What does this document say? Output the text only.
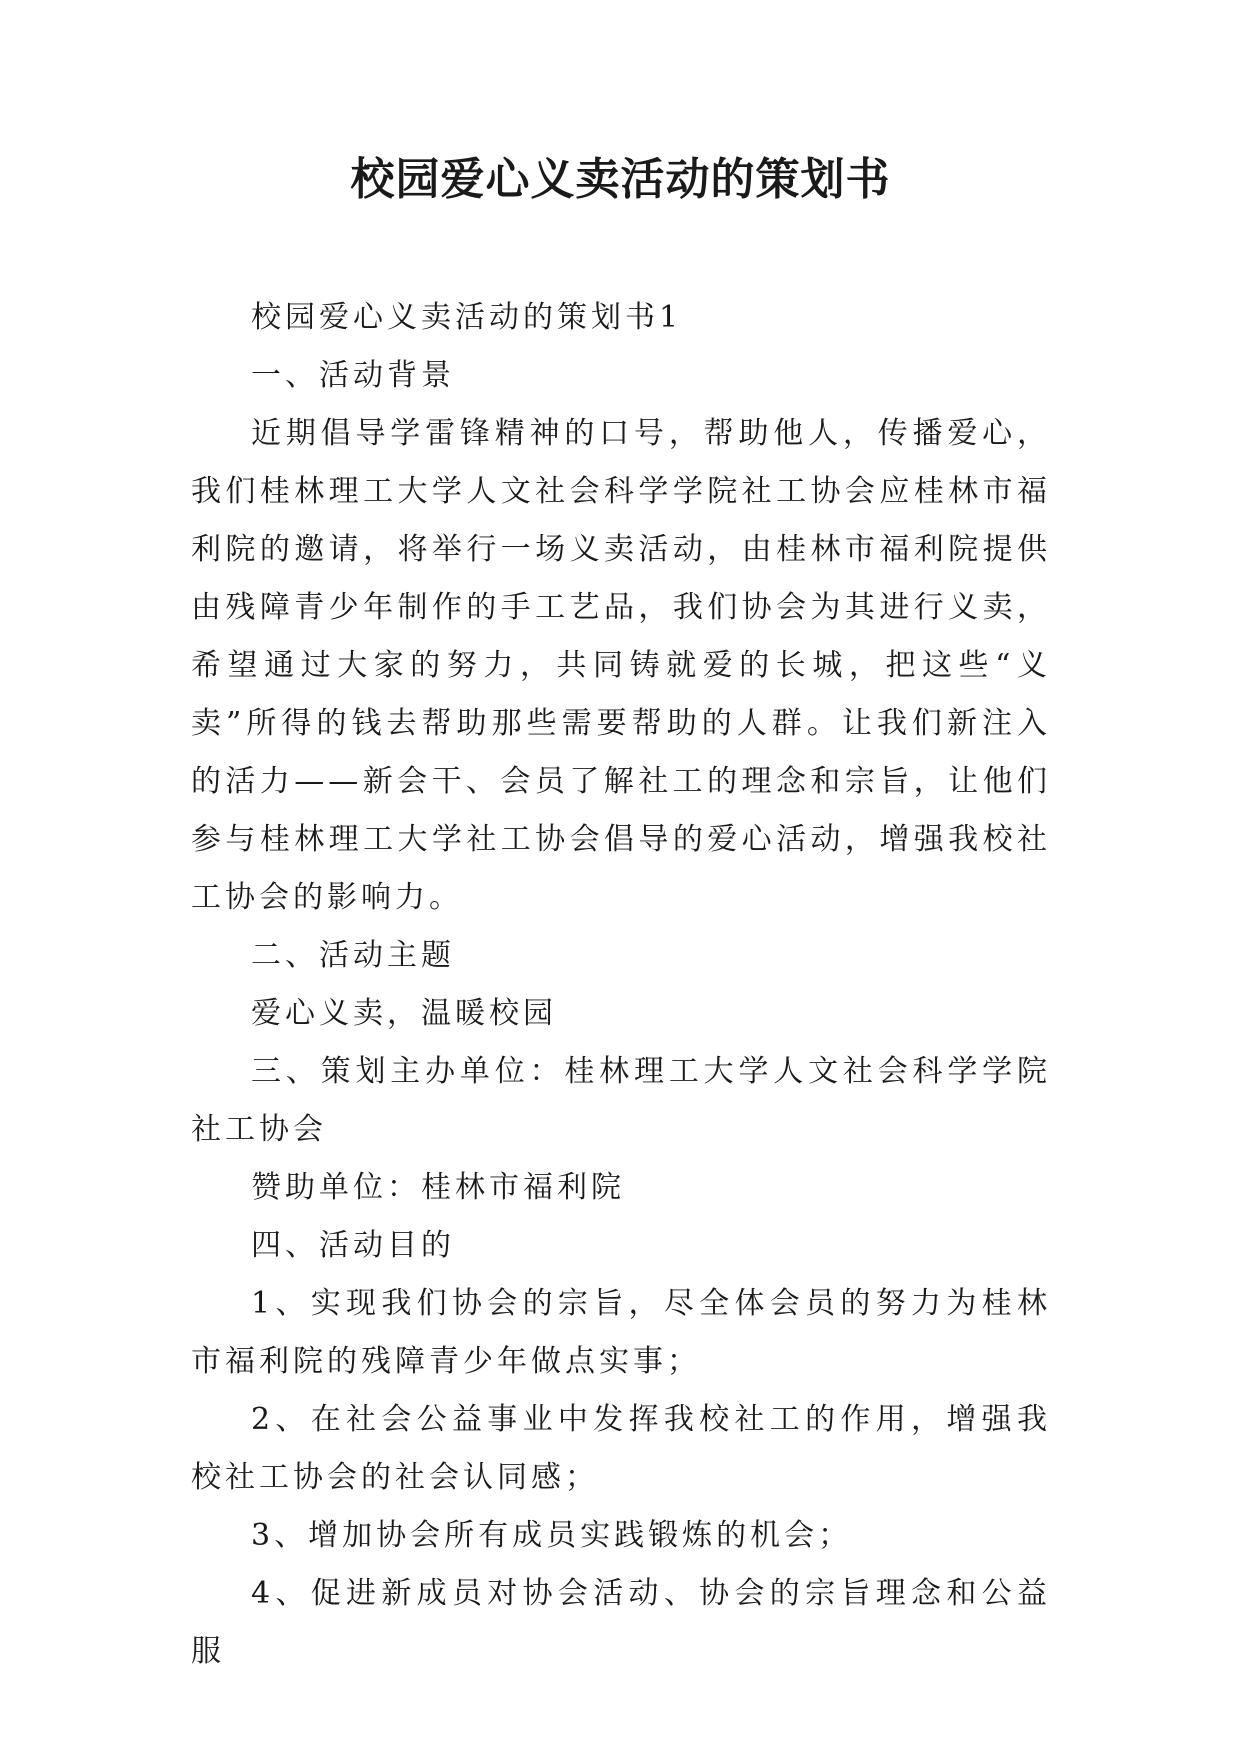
校园爱心义卖活动的策划书

校园爱心义卖活动的策划书1

一、活动背景

近期倡导学雷锋精神的口号，帮助他人，传播爱心，我们桂林理工大学人文社会科学学院社工协会应桂林市福利院的邀请，将举行一场义卖活动，由桂林市福利院提供由残障青少年制作的手工艺品，我们协会为其进行义卖，希望通过大家的努力，共同铸就爱的长城，把这些“义卖”所得的钱去帮助那些需要帮助的人群。让我们新注入的活力——新会干、会员了解社工的理念和宗旨，让他们参与桂林理工大学社工协会倡导的爱心活动，增强我校社工协会的影响力。

二、活动主题

爱心义卖，温暖校园

三、策划主办单位：桂林理工大学人文社会科学学院社工协会

赞助单位：桂林市福利院

四、活动目的

1、实现我们协会的宗旨，尽全体会员的努力为桂林市福利院的残障青少年做点实事；

2、在社会公益事业中发挥我校社工的作用，增强我校社工协会的社会认同感；

3、增加协会所有成员实践锻炼的机会；

4、促进新成员对协会活动、协会的宗旨理念和公益服
